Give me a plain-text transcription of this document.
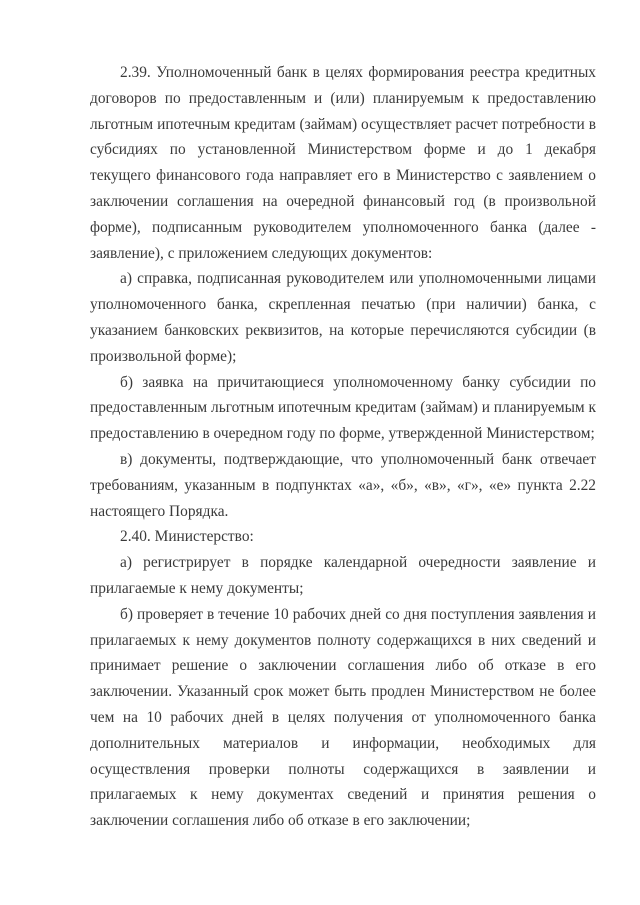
2.39. Уполномоченный банк в целях формирования реестра кредитных договоров по предоставленным и (или) планируемым к предоставлению льготным ипотечным кредитам (займам) осуществляет расчет потребности в субсидиях по установленной Министерством форме и до 1 декабря текущего финансового года направляет его в Министерство с заявлением о заключении соглашения на очередной финансовый год (в произвольной форме), подписанным руководителем уполномоченного банка (далее - заявление), с приложением следующих документов:

а) справка, подписанная руководителем или уполномоченными лицами уполномоченного банка, скрепленная печатью (при наличии) банка, с указанием банковских реквизитов, на которые перечисляются субсидии (в произвольной форме);

б) заявка на причитающиеся уполномоченному банку субсидии по предоставленным льготным ипотечным кредитам (займам) и планируемым к предоставлению в очередном году по форме, утвержденной Министерством;

в) документы, подтверждающие, что уполномоченный банк отвечает требованиям, указанным в подпунктах «а», «б», «в», «г», «е» пункта 2.22 настоящего Порядка.

2.40. Министерство:

а) регистрирует в порядке календарной очередности заявление и прилагаемые к нему документы;

б) проверяет в течение 10 рабочих дней со дня поступления заявления и прилагаемых к нему документов полноту содержащихся в них сведений и принимает решение о заключении соглашения либо об отказе в его заключении. Указанный срок может быть продлен Министерством не более чем на 10 рабочих дней в целях получения от уполномоченного банка дополнительных материалов и информации, необходимых для осуществления проверки полноты содержащихся в заявлении и прилагаемых к нему документах сведений и принятия решения о заключении соглашения либо об отказе в его заключении;
